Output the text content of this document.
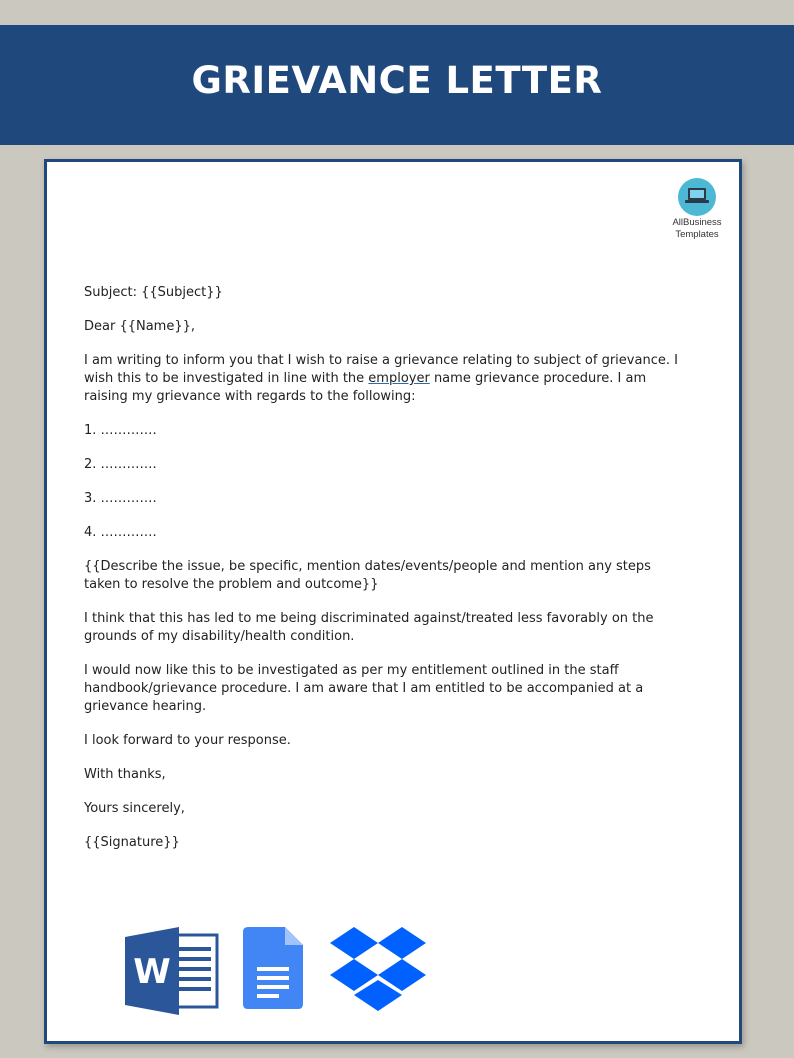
GRIEVANCE LETTER
AllBusiness
Templates

Subject: {{Subject}}

Dear {{Name}},

I am writing to inform you that I wish to raise a grievance relating to subject of grievance. I wish this to be investigated in line with the employer name grievance procedure. I am raising my grievance with regards to the following:

1. ………….

2. ………….

3. ………….

4. ………….

{{Describe the issue, be specific, mention dates/events/people and mention any steps taken to resolve the problem and outcome}}

I think that this has led to me being discriminated against/treated less favorably on the grounds of my disability/health condition.

I would now like this to be investigated as per my entitlement outlined in the staff handbook/grievance procedure. I am aware that I am entitled to be accompanied at a grievance hearing.

I look forward to your response.

With thanks,

Yours sincerely,

{{Signature}}

W
